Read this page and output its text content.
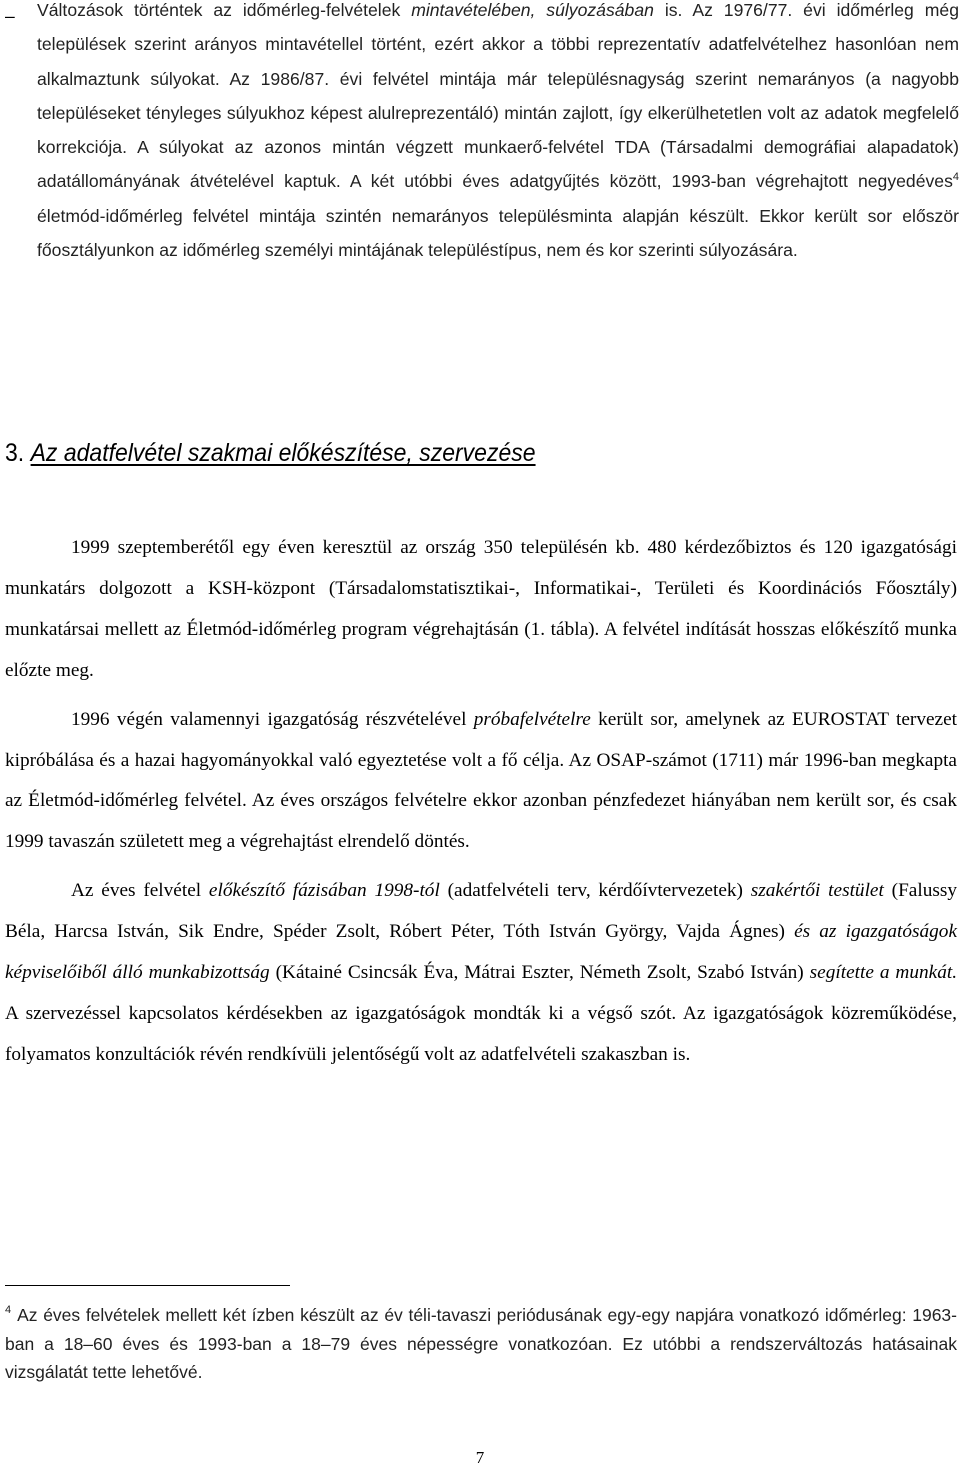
– Változások történtek az időmérleg-felvételek mintavételében, súlyozásában is. Az 1976/77. évi időmérleg még települések szerint arányos mintavétellel történt, ezért akkor a többi reprezentatív adatfelvételhez hasonlóan nem alkalmaztunk súlyokat. Az 1986/87. évi felvétel mintája már településnagyság szerint nemarányos (a nagyobb településeket tényleges súlyukhoz képest alulreprezentáló) mintán zajlott, így elkerülhetetlen volt az adatok megfelelő korrekciója. A súlyokat az azonos mintán végzett munkaerő-felvétel TDA (Társadalmi demográfiai alapadatok) adatállományának átvételével kaptuk. A két utóbbi éves adatgyűjtés között, 1993-ban végrehajtott negyedéves$^4$ életmód-időmérleg felvétel mintája szintén nemarányos településminta alapján készült. Ekkor került sor először főosztályunkon az időmérleg személyi mintájának településtípus, nem és kor szerinti súlyozására.
3. Az adatfelvétel szakmai előkészítése, szervezése

1999 szeptemberétől egy éven keresztül az ország 350 településén kb. 480 kérdezőbiztos és 120 igazgatósági munkatárs dolgozott a KSH-központ (Társadalomstatisztikai-, Informatikai-, Területi és Koordinációs Főosztály) munkatársai mellett az Életmód-időmérleg program végrehajtásán (1. tábla). A felvétel indítását hosszas előkészítő munka előzte meg.

1996 végén valamennyi igazgatóság részvételével próbafelvételre került sor, amelynek az EUROSTAT tervezet kipróbálása és a hazai hagyományokkal való egyeztetése volt a fő célja. Az OSAP-számot (1711) már 1996-ban megkapta az Életmód-időmérleg felvétel. Az éves országos felvételre ekkor azonban pénzfedezet hiányában nem került sor, és csak 1999 tavaszán született meg a végrehajtást elrendelő döntés.

Az éves felvétel előkészítő fázisában 1998-tól (adatfelvételi terv, kérdőívtervezetek) szakértői testület (Falussy Béla, Harcsa István, Sik Endre, Spéder Zsolt, Róbert Péter, Tóth István György, Vajda Ágnes) és az igazgatóságok képviselőiből álló munkabizottság (Kátainé Csincsák Éva, Mátrai Eszter, Németh Zsolt, Szabó István) segítette a munkát. A szervezéssel kapcsolatos kérdésekben az igazgatóságok mondták ki a végső szót. Az igazgatóságok közreműködése, folyamatos konzultációk révén rendkívüli jelentőségű volt az adatfelvételi szakaszban is.

$^4$ Az éves felvételek mellett két ízben készült az év téli-tavaszi periódusának egy-egy napjára vonatkozó időmérleg: 1963-ban a 18–60 éves és 1993-ban a 18–79 éves népességre vonatkozóan. Ez utóbbi a rendszerváltozás hatásainak vizsgálatát tette lehetővé.
7
